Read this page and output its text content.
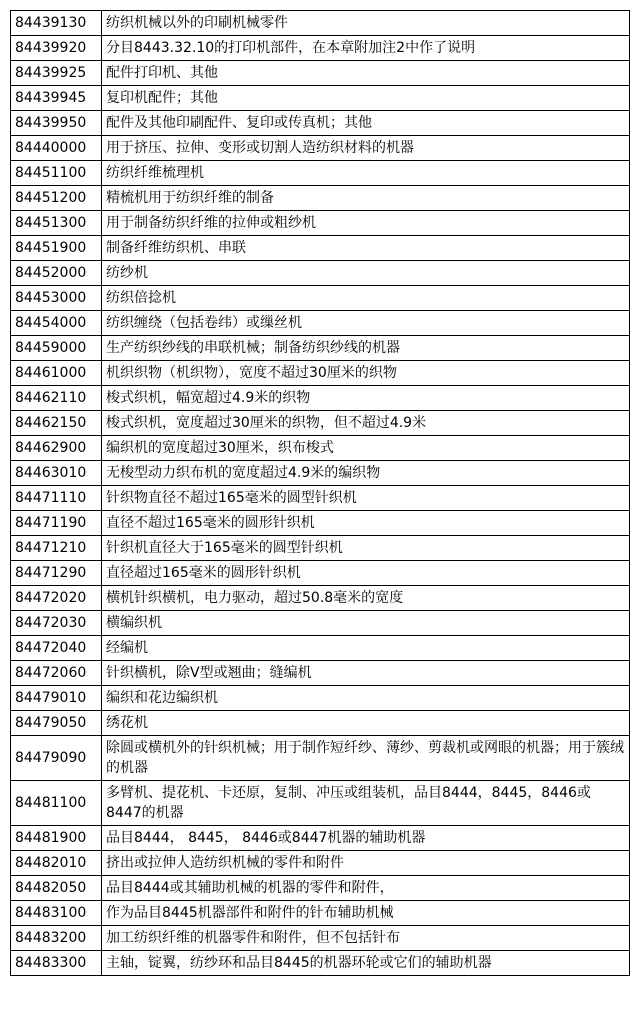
84439130	纺织机械以外的印刷机械零件
84439920	分目8443.32.10的打印机部件，在本章附加注2中作了说明
84439925	配件打印机、其他
84439945	复印机配件；其他
84439950	配件及其他印刷配件、复印或传真机；其他
84440000	用于挤压、拉伸、变形或切割人造纺织材料的机器
84451100	纺织纤维梳理机
84451200	精梳机用于纺织纤维的制备
84451300	用于制备纺织纤维的拉伸或粗纱机
84451900	制备纤维纺织机、串联
84452000	纺纱机
84453000	纺织倍捻机
84454000	纺织缠绕（包括卷纬）或缫丝机
84459000	生产纺织纱线的串联机械；制备纺织纱线的机器
84461000	机织织物（机织物），宽度不超过30厘米的织物
84462110	梭式织机，幅宽超过4.9米的织物
84462150	梭式织机，宽度超过30厘米的织物，但不超过4.9米
84462900	编织机的宽度超过30厘米，织布梭式
84463010	无梭型动力织布机的宽度超过4.9米的编织物
84471110	针织物直径不超过165毫米的圆型针织机
84471190	直径不超过165毫米的圆形针织机
84471210	针织机直径大于165毫米的圆型针织机
84471290	直径超过165毫米的圆形针织机
84472020	横机针织横机，电力驱动，超过50.8毫米的宽度
84472030	横编织机
84472040	经编机
84472060	针织横机，除V型或翘曲；缝编机
84479010	编织和花边编织机
84479050	绣花机
84479090	除圆或横机外的针织机械；用于制作短纤纱、薄纱、剪裁机或网眼的机器；用于簇绒的机器
84481100	多臂机、提花机、卡还原，复制、冲压或组装机，品目8444，8445，8446或8447的机器
84481900	品目8444， 8445， 8446或8447机器的辅助机器
84482010	挤出或拉伸人造纺织机械的零件和附件
84482050	品目8444或其辅助机械的机器的零件和附件，
84483100	作为品目8445机器部件和附件的针布辅助机械
84483200	加工纺织纤维的机器零件和附件，但不包括针布
84483300	主轴，锭翼，纺纱环和品目8445的机器环轮或它们的辅助机器
